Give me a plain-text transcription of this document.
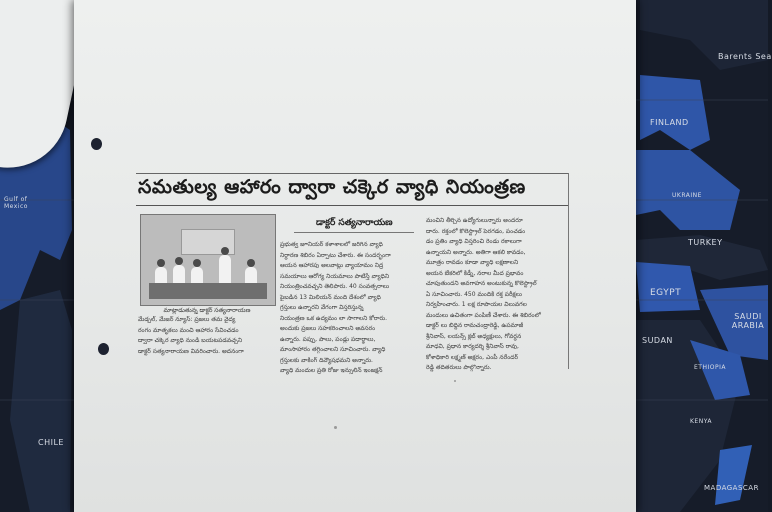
Barents Sea
FINLAND
UKRAINE
TURKEY
EGYPT
SAUDI ARABIA
SUDAN
ETHIOPIA
KENYA
MADAGASCAR
Gulf of Mexico
CHILE
సమతుల్య ఆహారం ద్వారా చక్కెర వ్యాధి నియంత్రణ
మాట్లాడుతున్న డాక్టర్ సత్యనారాయణ
డాక్టర్ సత్యనారాయణ

మేడ్చల్, మేజర్ న్యూస్: ప్రజలు తమ వైద్య

రంగం మాతృకలు మంచి ఆహారం సేవించడం

ద్వారా చక్కెర వ్యాధి నుండి బయటపడవచ్చని

డాక్టర్ సత్యనారాయణ వివరించారు. అదనంగా

ప్రభుత్వ జూనియర్ కళాశాలలో జరిగిన వ్యాధి

నిర్ధారణ శిబిరం ఏర్పాటు చేశారు. ఈ సందర్భంగా

ఆయన ఆహారపు అలవాట్లు వ్యాయామం నిద్ర

సమయాలు ఆరోగ్య నియమాలు పాటిస్తే వ్యాధిని

నియంత్రించవచ్చని తెలిపారు. 40 సంవత్సరాలు

పైబడిన 13 మిలియన్ మంది దేశంలో వ్యాధి

గ్రస్తులు ఉన్నారని వేగంగా విస్తరిస్తున్న

నియంత్రణ ఒక ఉద్యమం లా సాగాలని కోరారు.

అందుకు ప్రజలు సహకరించాలని అవసరం

ఉన్నారు. పప్పు, పాలు, పండ్లు పదార్థాలు,

మాంసాహారం తగ్గించాలని సూచించారు. వ్యాధి

గ్రస్తులకు వాకింగ్ దివ్యౌషధమని అన్నారు.

వ్యాధి మందుల ప్రతి రోజు ఇన్సులిన్ ఇంజక్షన్

మంచిని తీర్చిన ఉద్యోగులున్నారు అందరూ

దారు. రక్తంలో కొలెస్ట్రాల్ పెరగడం, పంచడం

డం ప్రతిం వ్యాధి విస్తరించి రెండు రకాలుగా

ఉన్నాయని అన్నారు. అతిగా ఆకలి కావడం,

మూత్రం రావడం కూడా వ్యాధి లక్షణాలని

అయన బేకరిలో కిడ్నీ, నరాల మీద ప్రభావం

చూపుతుందని అవగాహన అంటుకున్న కొలెస్ట్రాల్

ఏ సూచించారు. 450 మందికి రక్త పరీక్షలు

నిర్వహించారు. 1 లక్ష రూపాయల విలువగల

మందులు ఉచితంగా పంపిణీ చేశారు. ఈ శిబిరంలో

డాక్టర్ లు బిద్దిన రామచంద్రారెడ్డి, ఉపమాజీ

శ్రీనివాస్, లయన్స్ క్లబ్ అధ్యక్షులు, గోవర్ధన

మాధవి, ప్రధాన కార్యదర్శి శ్రీనివాస్ రావు,

కోశాధికారి లక్ష్మణ్ అక్షరం, ఎంపీ నరేందర్

రెడ్డి తదితరులు పాల్గొన్నారు.
